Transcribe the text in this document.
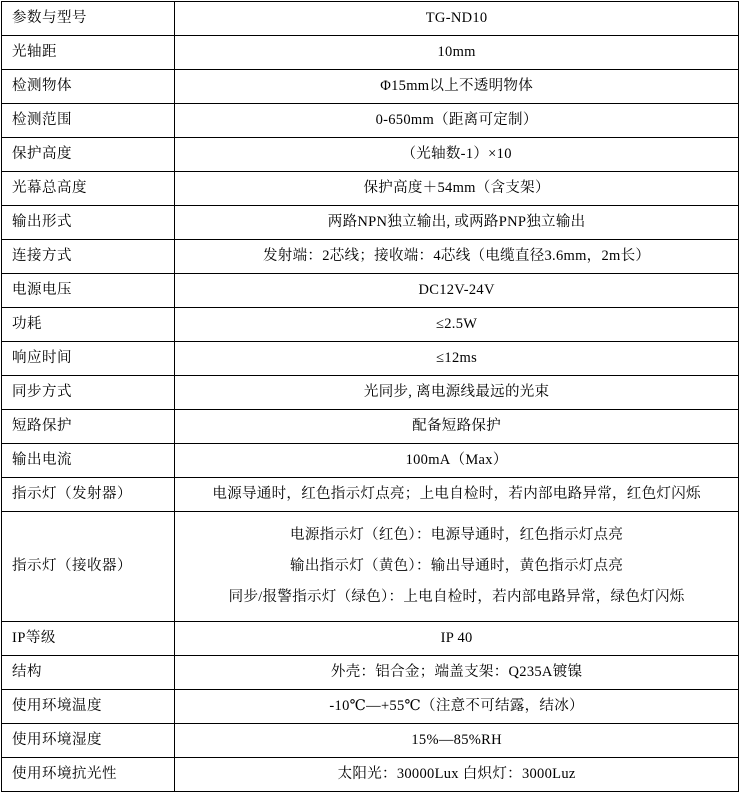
参数与型号	TG-ND10
光轴距	10mm
检测物体	Φ15mm以上不透明物体
检测范围	0-650mm（距离可定制）
保护高度	（光轴数-1）×10
光幕总高度	保护高度＋54mm（含支架）
输出形式	两路NPN独立输出, 或两路PNP独立输出
连接方式	发射端：2芯线；接收端：4芯线（电缆直径3.6mm，2m长）
电源电压	DC12V-24V
功耗	≤2.5W
响应时间	≤12ms
同步方式	光同步, 离电源线最远的光束
短路保护	配备短路保护
输出电流	100mA（Max）
指示灯（发射器）	电源导通时，红色指示灯点亮；上电自检时，若内部电路异常，红色灯闪烁
指示灯（接收器）	电源指示灯（红色）：电源导通时，红色指示灯点亮
输出指示灯（黄色）：输出导通时，黄色指示灯点亮
同步/报警指示灯（绿色）：上电自检时，若内部电路异常，绿色灯闪烁

IP等级	IP 40
结构	外壳：铝合金；端盖支架：Q235A镀镍
使用环境温度	-10℃—+55℃（注意不可结露，结冰）
使用环境湿度	15%—85%RH
使用环境抗光性	太阳光：30000Lux 白炽灯：3000Luz
